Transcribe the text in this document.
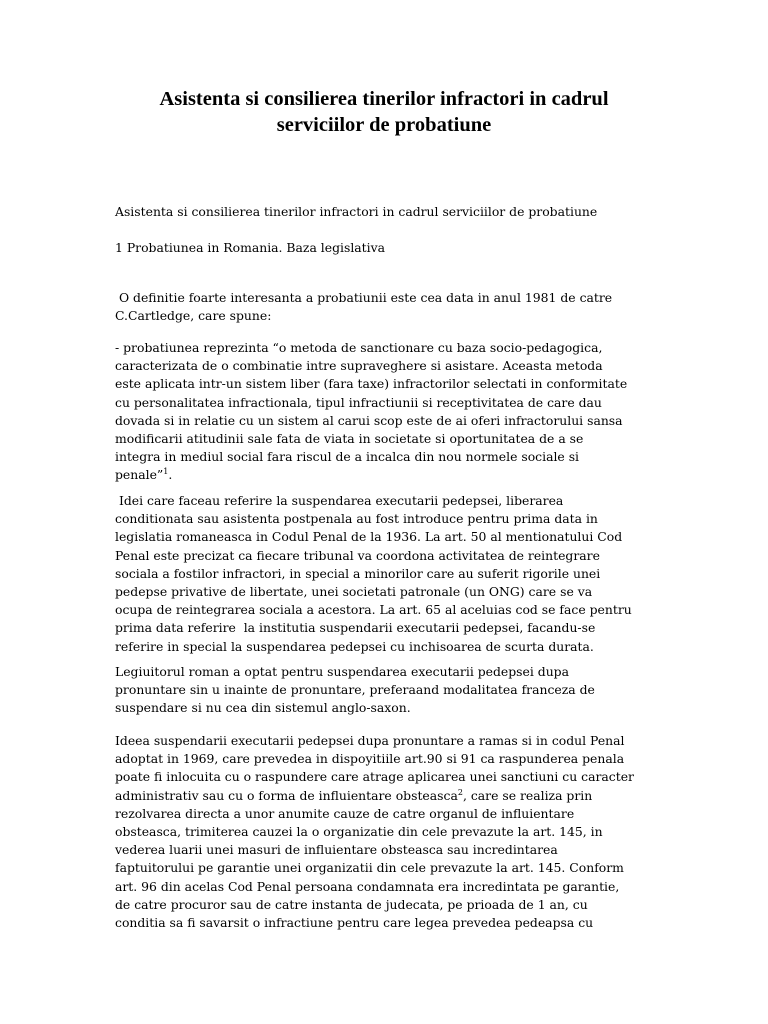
Asistenta si consilierea tinerilor infractori in cadrul
serviciilor de probatiune
Asistenta si consilierea tinerilor infractori in cadrul serviciilor de probatiune
1 Probatiunea in Romania. Baza legislativa
O definitie foarte interesanta a probatiunii este cea data in anul 1981 de catre
C.Cartledge, care spune:
- probatiunea reprezinta “o metoda de sanctionare cu baza socio-pedagogica,
caracterizata de o combinatie intre supraveghere si asistare. Aceasta metoda
este aplicata intr-un sistem liber (fara taxe) infractorilor selectati in conformitate
cu personalitatea infractionala, tipul infractiunii si receptivitatea de care dau
dovada si in relatie cu un sistem al carui scop este de ai oferi infractorului sansa
modificarii atitudinii sale fata de viata in societate si oportunitatea de a se
integra in mediul social fara riscul de a incalca din nou normele sociale si
penale”$^1$.
Idei care faceau referire la suspendarea executarii pedepsei, liberarea
conditionata sau asistenta postpenala au fost introduce pentru prima data in
legislatia romaneasca in Codul Penal de la 1936. La art. 50 al mentionatului Cod
Penal este precizat ca fiecare tribunal va coordona activitatea de reintegrare
sociala a fostilor infractori, in special a minorilor care au suferit rigorile unei
pedepse privative de libertate, unei societati patronale (un ONG) care se va
ocupa de reintegrarea sociala a acestora. La art. 65 al aceluias cod se face pentru
prima data referire  la institutia suspendarii executarii pedepsei, facandu-se
referire in special la suspendarea pedepsei cu inchisoarea de scurta durata.
Legiuitorul roman a optat pentru suspendarea executarii pedepsei dupa
pronuntare sin u inainte de pronuntare, preferaand modalitatea franceza de
suspendare si nu cea din sistemul anglo-saxon.
Ideea suspendarii executarii pedepsei dupa pronuntare a ramas si in codul Penal
adoptat in 1969, care prevedea in dispoyitiile art.90 si 91 ca raspunderea penala
poate fi inlocuita cu o raspundere care atrage aplicarea unei sanctiuni cu caracter
administrativ sau cu o forma de influientare obsteasca$^2$, care se realiza prin
rezolvarea directa a unor anumite cauze de catre organul de influientare
obsteasca, trimiterea cauzei la o organizatie din cele prevazute la art. 145, in
vederea luarii unei masuri de influientare obsteasca sau incredintarea
faptuitorului pe garantie unei organizatii din cele prevazute la art. 145. Conform
art. 96 din acelas Cod Penal persoana condamnata era incredintata pe garantie,
de catre procuror sau de catre instanta de judecata, pe prioada de 1 an, cu
conditia sa fi savarsit o infractiune pentru care legea prevedea pedeapsa cu
